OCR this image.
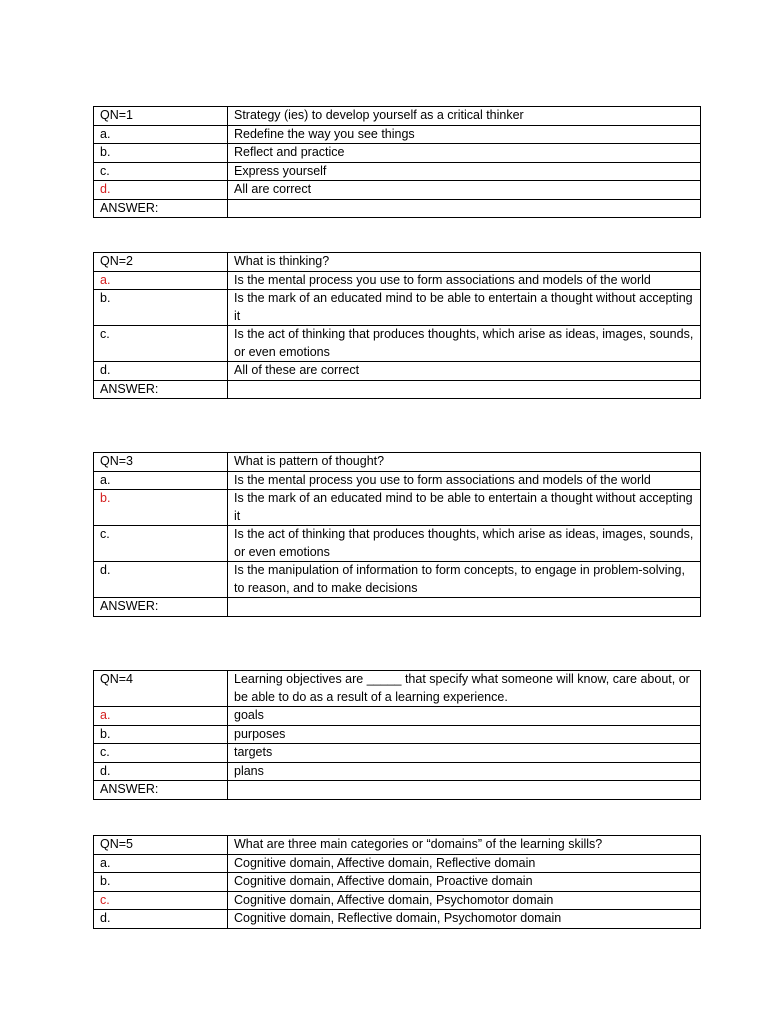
QN=1	Strategy (ies) to develop yourself as a critical thinker
a.	Redefine the way you see things
b.	Reflect and practice
c.	Express yourself
d.	All are correct
ANSWER:	
QN=2	What is thinking?
a.	Is the mental process you use to form associations and models of the world
b.	Is the mark of an educated mind to be able to entertain a thought without accepting it
c.	Is the act of thinking that produces thoughts, which arise as ideas, images, sounds, or even emotions
d.	All of these are correct
ANSWER:	
QN=3	What is pattern of thought?
a.	Is the mental process you use to form associations and models of the world
b.	Is the mark of an educated mind to be able to entertain a thought without accepting it
c.	Is the act of thinking that produces thoughts, which arise as ideas, images, sounds, or even emotions
d.	Is the manipulation of information to form concepts, to engage in problem-solving, to reason, and to make decisions
ANSWER:	
QN=4	Learning objectives are _____ that specify what someone will know, care about, or be able to do as a result of a learning experience.
a.	goals
b.	purposes
c.	targets
d.	plans
ANSWER:	
QN=5	What are three main categories or “domains” of the learning skills?
a.	Cognitive domain, Affective domain, Reflective domain
b.	Cognitive domain, Affective domain, Proactive domain
c.	Cognitive domain, Affective domain, Psychomotor domain
d.	Cognitive domain, Reflective domain, Psychomotor domain
